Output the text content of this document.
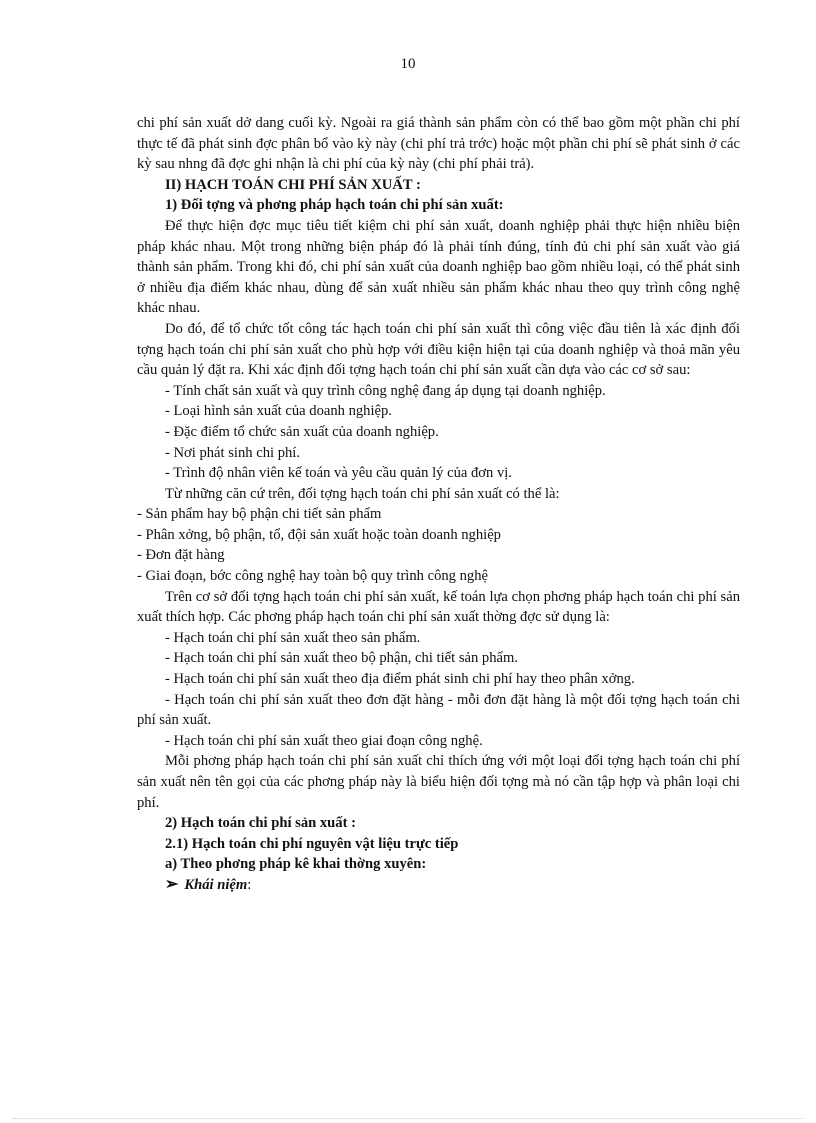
10

chi phí sản xuất dở dang cuối kỳ. Ngoài ra giá thành sản phẩm còn có thể bao gồm một phần chi phí thực tế đã phát sinh đợc phân bổ vào kỳ này (chi phí trả trớc) hoặc một phần chi phí sẽ phát sinh ở các kỳ sau nhng đã đợc ghi nhận là chi phí của kỳ này (chi phí phải trả).

II) HẠCH TOÁN CHI PHÍ SẢN XUẤT :

1) Đối tợng và phơng pháp hạch toán chi phí sản xuất:

Để thực hiện đợc mục tiêu tiết kiệm chi phí sản xuất, doanh nghiệp phải thực hiện nhiều biện pháp khác nhau. Một trong những biện pháp đó là phải tính đúng, tính đủ chi phí sản xuất vào giá thành sản phẩm. Trong khi đó, chi phí sản xuất của doanh nghiệp bao gồm nhiều loại, có thể phát sinh ở nhiều địa điểm khác nhau, dùng để sản xuất nhiều sản phẩm khác nhau theo quy trình công nghệ khác nhau.

Do đó, để tổ chức tốt công tác hạch toán chi phí sản xuất thì công việc đầu tiên là xác định đối tợng hạch toán chi phí sản xuất cho phù hợp với điều kiện hiện tại của doanh nghiệp và thoả mãn yêu cầu quản lý đặt ra. Khi xác định đối tợng hạch toán chi phí sản xuất cần dựa vào các cơ sở sau:

- Tính chất sản xuất và quy trình công nghệ đang áp dụng tại doanh nghiệp.

- Loại hình sản xuất của doanh nghiệp.

- Đặc điểm tổ chức sản xuất của doanh nghiệp.

- Nơi phát sinh chi phí.

- Trình độ nhân viên kế toán và yêu cầu quản lý của đơn vị.

Từ những căn cứ trên, đối tợng hạch toán chi phí sản xuất có thể là:

- Sản phẩm hay bộ phận chi tiết sản phẩm

- Phân xởng, bộ phận, tổ, đội sản xuất hoặc toàn doanh nghiệp

- Đơn đặt hàng

- Giai đoạn, bớc công nghệ hay toàn bộ quy trình công nghệ

Trên cơ sở đối tợng hạch toán chi phí sản xuất, kế toán lựa chọn phơng pháp hạch toán chi phí sản xuất thích hợp. Các phơng pháp hạch toán chi phí sản xuất thờng đợc sử dụng là:

- Hạch toán chi phí sản xuất theo sản phẩm.

- Hạch toán chi phí sản xuất theo bộ phận, chi tiết sản phẩm.

- Hạch toán chi phí sản xuất theo địa điểm phát sinh chi phí hay theo phân xởng.

- Hạch toán chi phí sản xuất theo đơn đặt hàng - mỗi đơn đặt hàng là một đối tợng hạch toán chi phí sản xuất.

- Hạch toán chi phí sản xuất theo giai đoạn công nghệ.

Mỗi phơng pháp hạch toán chi phí sản xuất chỉ thích ứng với một loại đối tợng hạch toán chi phí sản xuất nên tên gọi của các phơng pháp này là biểu hiện đối tợng mà nó cần tập hợp và phân loại chi phí.

2) Hạch toán chi phí sản xuất :

2.1) Hạch toán chi phí nguyên vật liệu trực tiếp

a) Theo phơng pháp kê khai thờng xuyên:

➢ Khái niệm:
